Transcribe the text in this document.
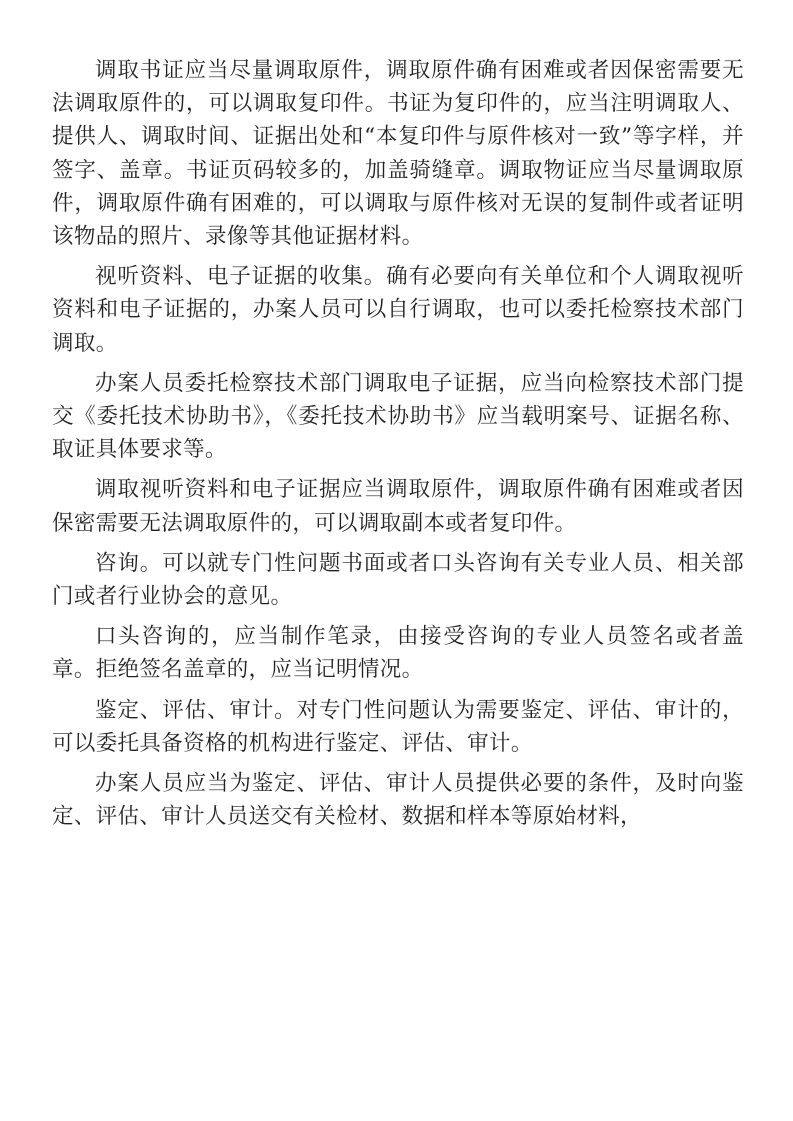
调取书证应当尽量调取原件，调取原件确有困难或者因保密需要无法调取原件的，可以调取复印件。书证为复印件的，应当注明调取人、提供人、调取时间、证据出处和“本复印件与原件核对一致”等字样，并签字、盖章。书证页码较多的，加盖骑缝章。调取物证应当尽量调取原件，调取原件确有困难的，可以调取与原件核对无误的复制件或者证明该物品的照片、录像等其他证据材料。

视听资料、电子证据的收集。确有必要向有关单位和个人调取视听资料和电子证据的，办案人员可以自行调取，也可以委托检察技术部门调取。

办案人员委托检察技术部门调取电子证据，应当向检察技术部门提交《委托技术协助书》，《委托技术协助书》应当载明案号、证据名称、取证具体要求等。

调取视听资料和电子证据应当调取原件，调取原件确有困难或者因保密需要无法调取原件的，可以调取副本或者复印件。

咨询。可以就专门性问题书面或者口头咨询有关专业人员、相关部门或者行业协会的意见。

口头咨询的，应当制作笔录，由接受咨询的专业人员签名或者盖章。拒绝签名盖章的，应当记明情况。

鉴定、评估、审计。对专门性问题认为需要鉴定、评估、审计的，可以委托具备资格的机构进行鉴定、评估、审计。

办案人员应当为鉴定、评估、审计人员提供必要的条件，及时向鉴定、评估、审计人员送交有关检材、数据和样本等原始材料，
